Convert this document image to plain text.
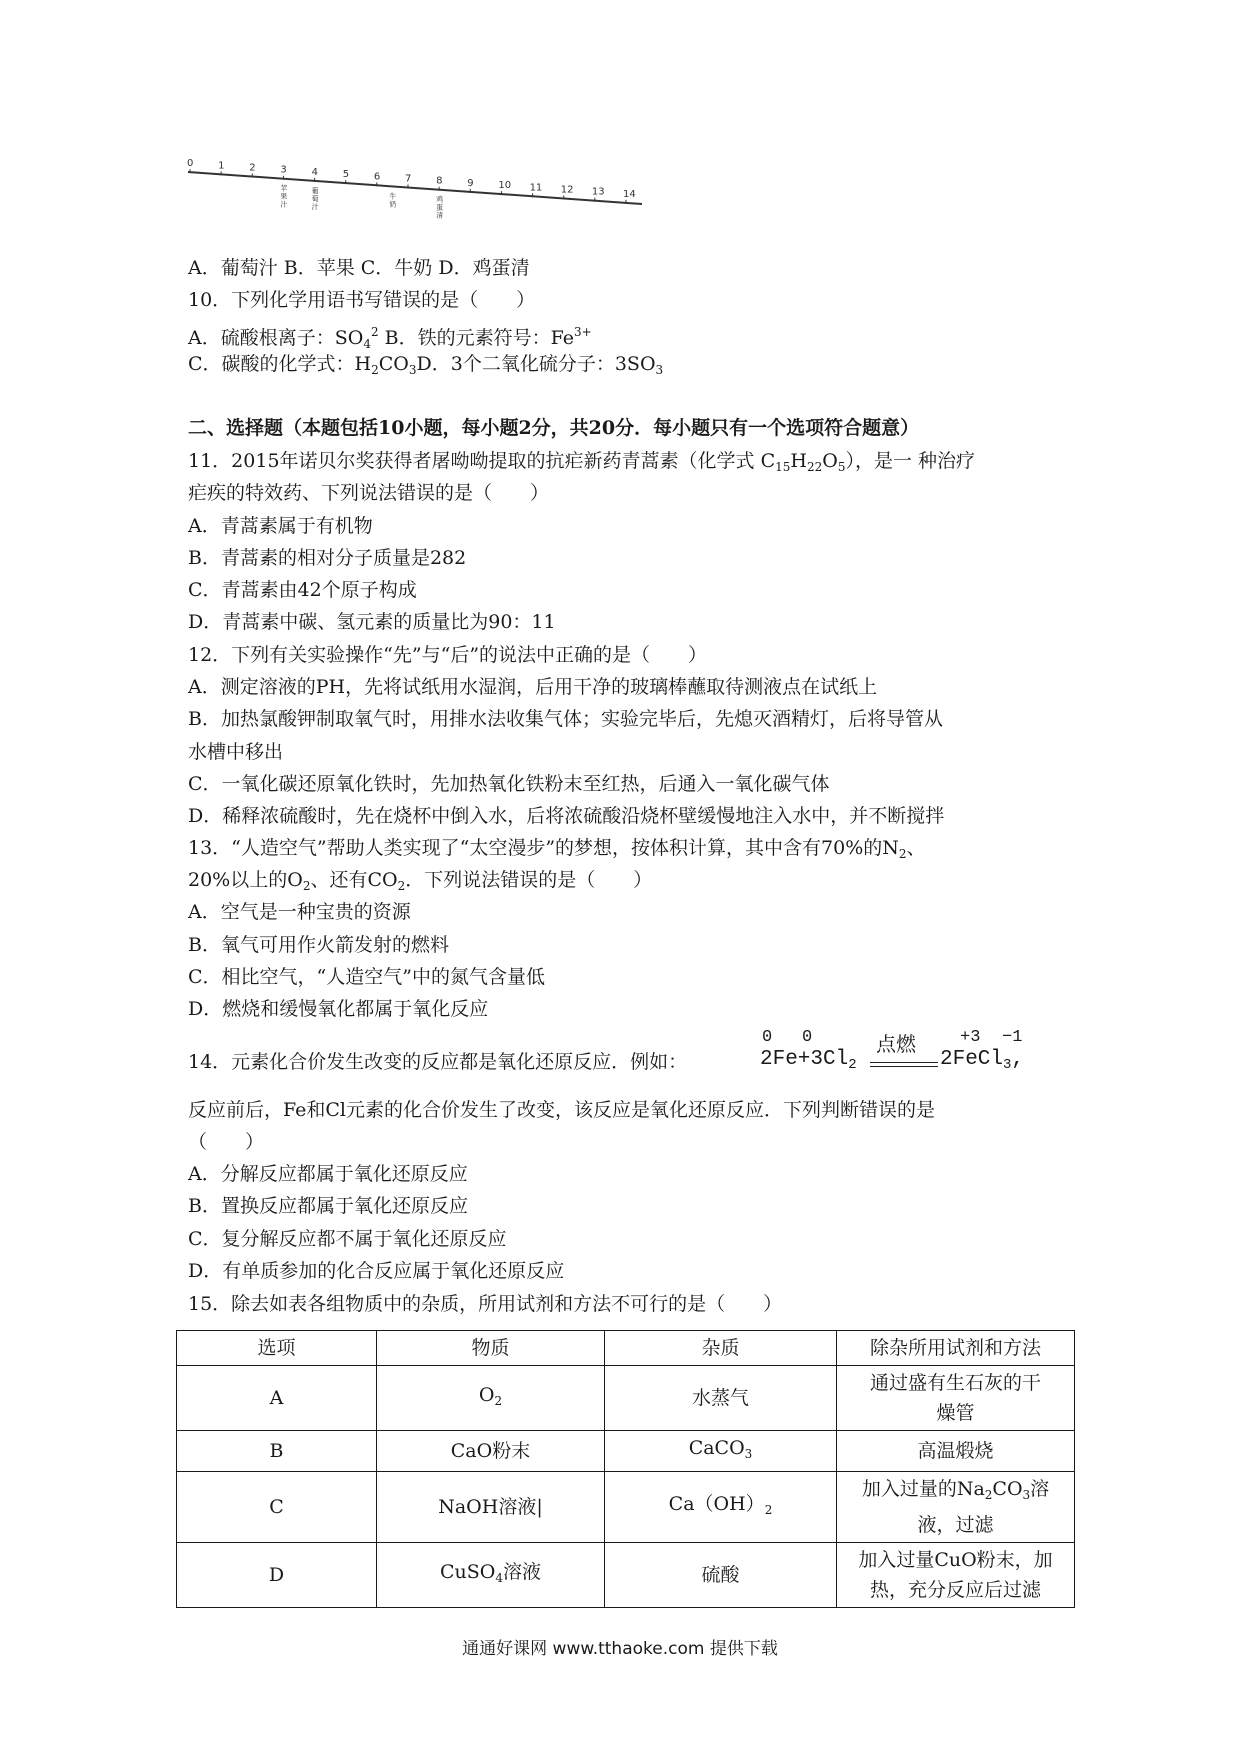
0 1 2 3 4 5 6 7 8 9 10 11 12 13 14
苹
果
汁
葡
萄
汁
牛
奶
鸡
蛋
清

A．葡萄汁 B．苹果 C．牛奶 D．鸡蛋清

10．下列化学用语书写错误的是（　　）

A．硫酸根离子：$SO_4^2$ B．铁的元素符号：$Fe^{3+}$

C．碳酸的化学式：$H_2CO_3D$．3个二氧化硫分子：$3SO_3$

二、选择题（本题包括10小题，每小题2分，共20分．每小题只有一个选项符合题意）

11．2015年诺贝尔奖获得者屠呦呦提取的抗疟新药青蒿素（化学式 $C_{15}H_{22}O_5$），是一 种治疗

疟疾的特效药、下列说法错误的是（　　）

A．青蒿素属于有机物

B．青蒿素的相对分子质量是282

C．青蒿素由42个原子构成

D．青蒿素中碳、氢元素的质量比为90：11

12．下列有关实验操作“先”与“后”的说法中正确的是（　　）

A．测定溶液的PH，先将试纸用水湿润，后用干净的玻璃棒蘸取待测液点在试纸上

B．加热氯酸钾制取氧气时，用排水法收集气体；实验完毕后，先熄灭酒精灯，后将导管从

水槽中移出

C．一氧化碳还原氧化铁时，先加热氧化铁粉末至红热，后通入一氧化碳气体

D．稀释浓硫酸时，先在烧杯中倒入水，后将浓硫酸沿烧杯壁缓慢地注入水中，并不断搅拌

13．“人造空气”帮助人类实现了“太空漫步”的梦想，按体积计算，其中含有70%的$N_2$、

20%以上的$O_2$、还有$CO_2$．下列说法错误的是（　　）

A．空气是一种宝贵的资源

B．氧气可用作火箭发射的燃料

C．相比空气，“人造空气”中的氮气含量低

D．燃烧和缓慢氧化都属于氧化反应

14．元素化合价发生改变的反应都是氧化还原反应．例如：

0 0
$2Fe+3Cl_2$
点燃	+3 −1
2FeCl$_3$,

反应前后，Fe和Cl元素的化合价发生了改变，该反应是氧化还原反应．下列判断错误的是

（　　）

A．分解反应都属于氧化还原反应

B．置换反应都属于氧化还原反应

C．复分解反应都不属于氧化还原反应

D．有单质参加的化合反应属于氧化还原反应

15．除去如表各组物质中的杂质，所用试剂和方法不可行的是（　　）

选项	物质	杂质	除杂所用试剂和方法
A	$O_2$	水蒸气	通过盛有生石灰的干
燥管
B	CaO粉末	CaCO$_3$	高温煅烧
C	NaOH溶液|	$Ca(OH)_2$	加入过量的$Na_2CO_3$溶
液，过滤
D	CuSO$_4$溶液	硫酸	加入过量CuO粉末，加
热，充分反应后过滤
通通好课网 www.tthaoke.com 提供下载
